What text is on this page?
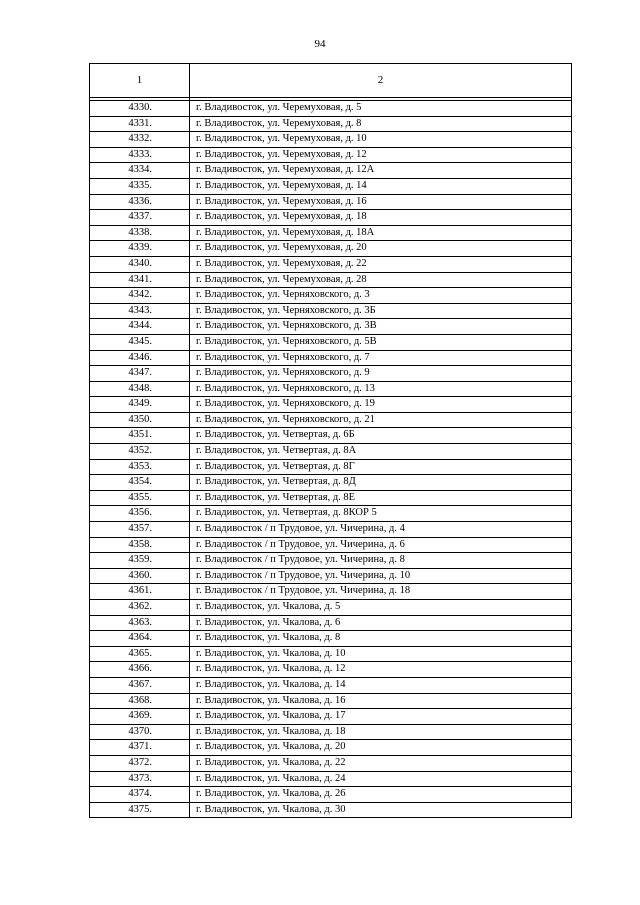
94
1	2

4330.	г. Владивосток, ул. Черемуховая, д. 5
4331.	г. Владивосток, ул. Черемуховая, д. 8
4332.	г. Владивосток, ул. Черемуховая, д. 10
4333.	г. Владивосток, ул. Черемуховая, д. 12
4334.	г. Владивосток, ул. Черемуховая, д. 12А
4335.	г. Владивосток, ул. Черемуховая, д. 14
4336.	г. Владивосток, ул. Черемуховая, д. 16
4337.	г. Владивосток, ул. Черемуховая, д. 18
4338.	г. Владивосток, ул. Черемуховая, д. 18А
4339.	г. Владивосток, ул. Черемуховая, д. 20
4340.	г. Владивосток, ул. Черемуховая, д. 22
4341.	г. Владивосток, ул. Черемуховая, д. 28
4342.	г. Владивосток, ул. Черняховского, д. 3
4343.	г. Владивосток, ул. Черняховского, д. 3Б
4344.	г. Владивосток, ул. Черняховского, д. 3В
4345.	г. Владивосток, ул. Черняховского, д. 5В
4346.	г. Владивосток, ул. Черняховского, д. 7
4347.	г. Владивосток, ул. Черняховского, д. 9
4348.	г. Владивосток, ул. Черняховского, д. 13
4349.	г. Владивосток, ул. Черняховского, д. 19
4350.	г. Владивосток, ул. Черняховского, д. 21
4351.	г. Владивосток, ул. Четвертая, д. 6Б
4352.	г. Владивосток, ул. Четвертая, д. 8А
4353.	г. Владивосток, ул. Четвертая, д. 8Г
4354.	г. Владивосток, ул. Четвертая, д. 8Д
4355.	г. Владивосток, ул. Четвертая, д. 8Е
4356.	г. Владивосток, ул. Четвертая, д. 8КОР 5
4357.	г. Владивосток / п Трудовое, ул. Чичерина, д. 4
4358.	г. Владивосток / п Трудовое, ул. Чичерина, д. 6
4359.	г. Владивосток / п Трудовое, ул. Чичерина, д. 8
4360.	г. Владивосток / п Трудовое, ул. Чичерина, д. 10
4361.	г. Владивосток / п Трудовое, ул. Чичерина, д. 18
4362.	г. Владивосток, ул. Чкалова, д. 5
4363.	г. Владивосток, ул. Чкалова, д. 6
4364.	г. Владивосток, ул. Чкалова, д. 8
4365.	г. Владивосток, ул. Чкалова, д. 10
4366.	г. Владивосток, ул. Чкалова, д. 12
4367.	г. Владивосток, ул. Чкалова, д. 14
4368.	г. Владивосток, ул. Чкалова, д. 16
4369.	г. Владивосток, ул. Чкалова, д. 17
4370.	г. Владивосток, ул. Чкалова, д. 18
4371.	г. Владивосток, ул. Чкалова, д. 20
4372.	г. Владивосток, ул. Чкалова, д. 22
4373.	г. Владивосток, ул. Чкалова, д. 24
4374.	г. Владивосток, ул. Чкалова, д. 26
4375.	г. Владивосток, ул. Чкалова, д. 30
